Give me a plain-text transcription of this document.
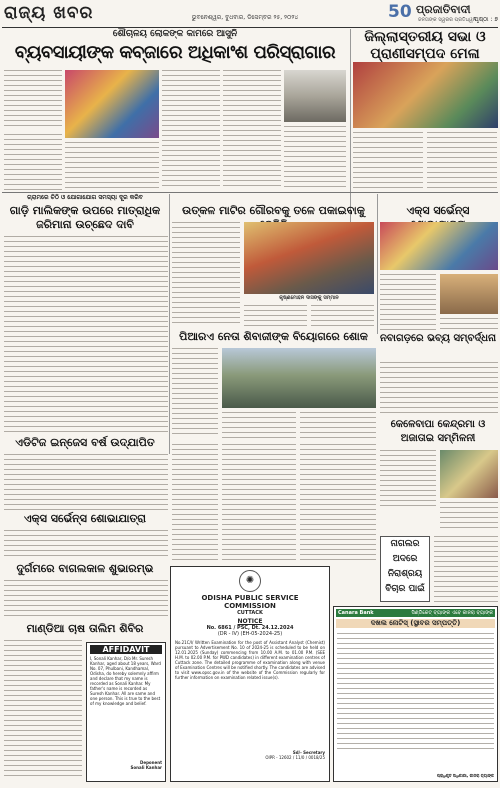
ରାଜ୍ୟ ଖବର	ଭୁବନେଶ୍ୱର, ବୁଧବାର, ଡିସେମ୍ବର ୨୫, ୨୦୨୪	50 ପ୍ରଜାତିବାଦୀ
ଜନତାଙ୍କ ସ୍ୱରର ପ୍ରତିଧ୍ୱନି
ପୃଷ୍ଠା : ୭
ଶୌଚାଳୟ ଲୋକଙ୍କ କାମରେ ଆସୁନି
ବ୍ୟବସାୟୀଙ୍କ କବ୍‌ଜାରେ ଅଧିକାଂଶ ପରିସ୍ରାଗାର
ଜିଲ୍ଲାସ୍ତରୀୟ ସଭା ଓ ପ୍ରାଣୀସମ୍ପଦ ମେଳା
ଗ୍ରାମରେ ଚିଠି ଓ ଯୋଗାଯୋଗ ସମସ୍ୟା ଦୂର କରିବ
ଗାଡ଼ି ମାଲିକଙ୍କ ଉପରେ ମାତ୍ରାଧିକ ଜରିମାନା ଉଚ୍ଛେଦ ଦାବି
ଉତ୍କଳ ମାଟିର ଗୌରବକୁ ତଳେ ପକାଇବାକୁ
କୃଷ୍ଣମୋହନ ଦାସଙ୍କୁ ସମ୍ମାନ
ଏକ୍ସ ସର୍ଭେନ୍‌ସ
ପିଆରଏ ନେତା ଶିବାଜୀଙ୍କ ବିୟୋଗରେ ଶୋକ	ନବାଗଡ଼ରେ ଭବ୍ୟ ସମ୍ବର୍ଦ୍ଧନା
କେଳେବାପା କେନ୍ଦ୍ରମା ଓ ଅଜାତାଇ ସମ୍ମିଳନୀ
ଏଡିଟିଜ ଇନ୍‌ଜେସ ବର୍ଷ ଉଦ୍‌ଯାପିତ
ଏକ୍ସ ସର୍ଭେନ୍‌ସ ଶୋଭାଯାତ୍ରା
ଦୁର୍ଗମରେ ବାଗଲକାଳ ଶୁଭାରମ୍ଭ
ମାଣ୍ଡିଆ ଚାଷ ତାଲିମ ଶିବିର
ନାଗଲର
ଅଦରେ
ନିରାଶ୍ରୟ
ବିଚାର ପାଇଁ
AFFIDAVIT
I, Sonali Kanhar, D/o Mr. Suresh Kanhar, aged about 18 years, Ward No. 07, Phulbani, Kandhamal, Odisha, do hereby solemnly affirm and declare that my name is recorded as Sonali Kanhar. My father's name is recorded as Suresh Kanhar. All are same and one person. This is true to the best of my knowledge and belief.
Deponent
Sonali Kanhar
✺
ODISHA PUBLIC SERVICE COMMISSION
CUTTACK
NOTICE
No. 6861 / PSC, Dt. 24.12.2024
(DR - IV) (EH-05-2024-25)
No.21C/I/ Written Examination for the post of Assistant Analyst (Chemist) pursuant to Advertisement No. 10 of 2024-25 is scheduled to be held on 12.01.2025 (Sunday) commencing from 10.00 A.M. to 01.00 P.M. (SEE H.M. to 02.00 P.M. for PWD candidates) in different examination centres of Cuttack zone. The detailed programme of examination along with venue of Examination Centres will be notified shortly. The candidates are advised to visit www.opsc.gov.in of the website of the Commission regularly for further information on examination related issue(s).
Sd/- Secretary
OIPR - 12602 / 11/0 / 0018/25
Canara Bank	ସିଣ୍ଡିକେଟ୍ ବ୍ୟାଙ୍କ ଏବେ କାନରା ବ୍ୟାଙ୍କ
ଦଖଲ ନୋଟିସ୍ (ସ୍ଥାବର ସମ୍ପତ୍ତି)
ପ୍ରାଧିକୃତ ଅଧିକାରୀ, କାନରା ବ୍ୟାଙ୍କ
